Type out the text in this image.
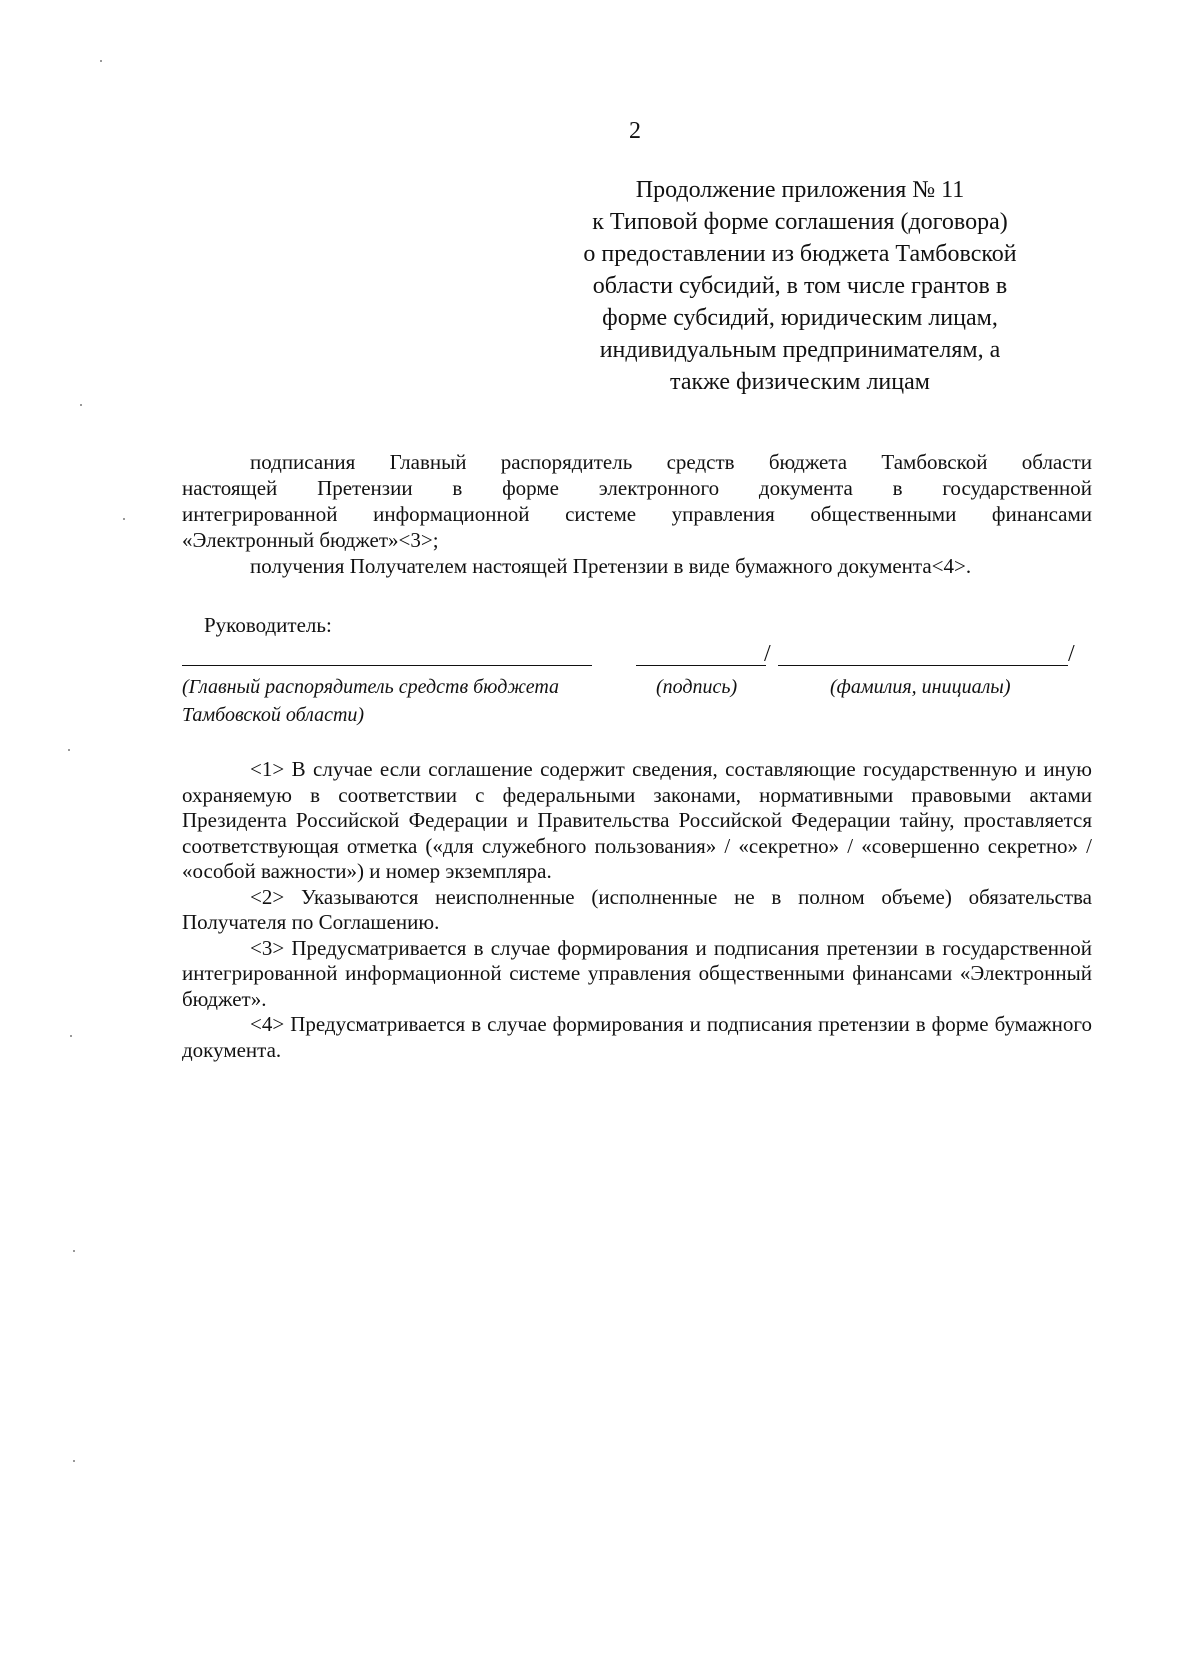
2
Продолжение приложения № 11
к Типовой форме соглашения (договора)
о предоставлении из бюджета Тамбовской
области субсидий, в том числе грантов в
форме субсидий, юридическим лицам,
индивидуальным предпринимателям, а
также физическим лицам
подписания Главный распорядитель средств бюджета Тамбовской области
настоящей Претензии в форме электронного документа в государственной
интегрированной информационной системе управления общественными финансами
«Электронный бюджет»<3>;
получения Получателем настоящей Претензии в виде бумажного документа<4>.
Руководитель:
/	/
(Главный распорядитель средств бюджета
Тамбовской области)
(подпись)	(фамилия, инициалы)

<1> В случае если соглашение содержит сведения, составляющие государственную и иную охраняемую в соответствии с федеральными законами, нормативными правовыми актами Президента Российской Федерации и Правительства Российской Федерации тайну, проставляется соответствующая отметка («для служебного пользования» / «секретно» / «совершенно секретно» / «особой важности») и номер экземпляра.

<2> Указываются неисполненные (исполненные не в полном объеме) обязательства Получателя по Соглашению.

<3> Предусматривается в случае формирования и подписания претензии в государственной интегрированной информационной системе управления общественными финансами «Электронный бюджет».

<4> Предусматривается в случае формирования и подписания претензии в форме бумажного документа.
